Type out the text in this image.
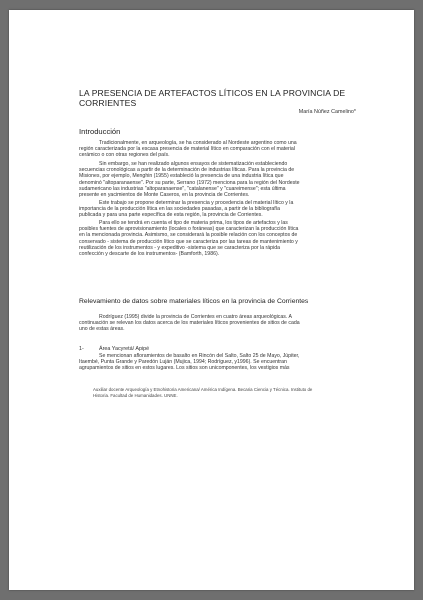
LA PRESENCIA DE ARTEFACTOS LÍTICOS EN LA PROVINCIA DE CORRIENTES
María Núñez Camelino*
Introducción
Tradicionalmente, en arqueología, se ha considerado al Nordeste argentino como una
región caracterizada por la escasa presencia de material lítico en comparación con el material
cerámico o con otras regiones del país.
Sin embargo, se han realizado algunos ensayos de sistematización estableciendo
secuencias cronológicas a partir de la determinación de industrias líticas. Para la provincia de
Misiones, por ejemplo, Menghin (1955) estableció la presencia de una industria lítica que
denominó "altoparanaense". Por su parte, Serrano (1972) menciona para la región del Nordeste
sudamericano las industrias "altoparanaense", "catalanense" y "cuareimense"; esta última
presente en yacimientos de Monte Caseros, en la provincia de Corrientes.
Este trabajo se propone determinar la presencia y procedencia del material lítico y la
importancia de la producción lítica en las sociedades pasadas, a partir de la bibliografía
publicada y para una parte específica de esta región, la provincia de Corrientes.
Para ello se tendrá en cuenta el tipo de materia prima, los tipos de artefactos y las
posibles fuentes de aprovisionamiento (locales o foráneas) que caracterizan la producción lítica
en la mencionada provincia. Asimismo, se considerará la posible relación con los conceptos de
conservado - sistema de producción lítico que se caracteriza por las tareas de mantenimiento y
reutilización de los instrumentos - y expeditivo -sistema que se caracteriza por la rápida
confección y descarte de los instrumentos- (Bamforth, 1986).
Relevamiento de datos sobre materiales líticos en la provincia de Corrientes
Rodríguez (1995) divide la provincia de Corrientes en cuatro áreas arqueológicas. A
continuación se relevan los datos acerca de los materiales líticos provenientes de sitios de cada
uno de estas áreas.
1-	Área Yacyretá/ Apipé
Se mencionan afloramientos de basalto en Rincón del Salto, Salto 25 de Mayo, Júpiter,
Itaembé, Punta Grande y Paredón Luján (Mujica, 1994; Rodríguez, y1996). Se encuentran
agrupamientos de sitios en estos lugares. Los sitios son unicomponentes, los vestigios más
Auxiliar docente Arqueología y Etnohistoria Americana/ América Indígena. Becaria Ciencia y Técnica. Instituto de
Historia. Facultad de Humanidades. UNNE.
